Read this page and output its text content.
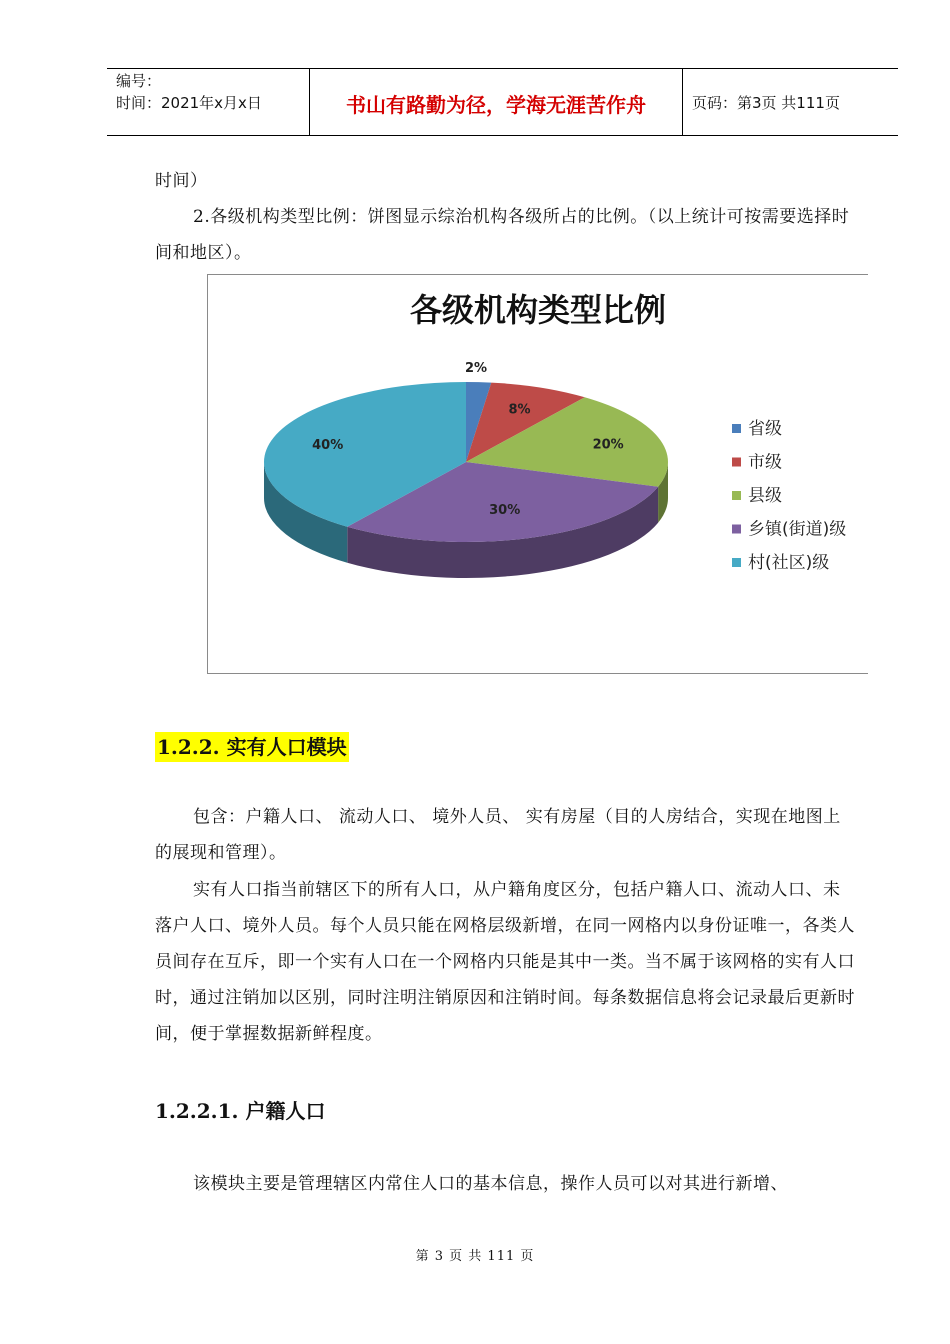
编号：
时间：2021年x月x日	书山有路勤为径，学海无涯苦作舟	页码：第3页 共111页
时间）
2.各级机构类型比例：饼图显示综治机构各级所占的比例。（以上统计可按需要选择时间和地区）。
各级机构类型比例
2%
8%
20%
30%
40%
省级
市级
县级
乡镇(街道)级
村(社区)级
1.2.2. 实有人口模块
包含：户籍人口、 流动人口、 境外人员、 实有房屋（目的人房结合，实现在地图上的展现和管理）。
实有人口指当前辖区下的所有人口，从户籍角度区分，包括户籍人口、流动人口、未落户人口、境外人员。每个人员只能在网格层级新增，在同一网格内以身份证唯一，各类人员间存在互斥，即一个实有人口在一个网格内只能是其中一类。当不属于该网格的实有人口时，通过注销加以区别，同时注明注销原因和注销时间。每条数据信息将会记录最后更新时间，便于掌握数据新鲜程度。
1.2.2.1. 户籍人口
该模块主要是管理辖区内常住人口的基本信息，操作人员可以对其进行新增、
第 3 页 共 111 页
